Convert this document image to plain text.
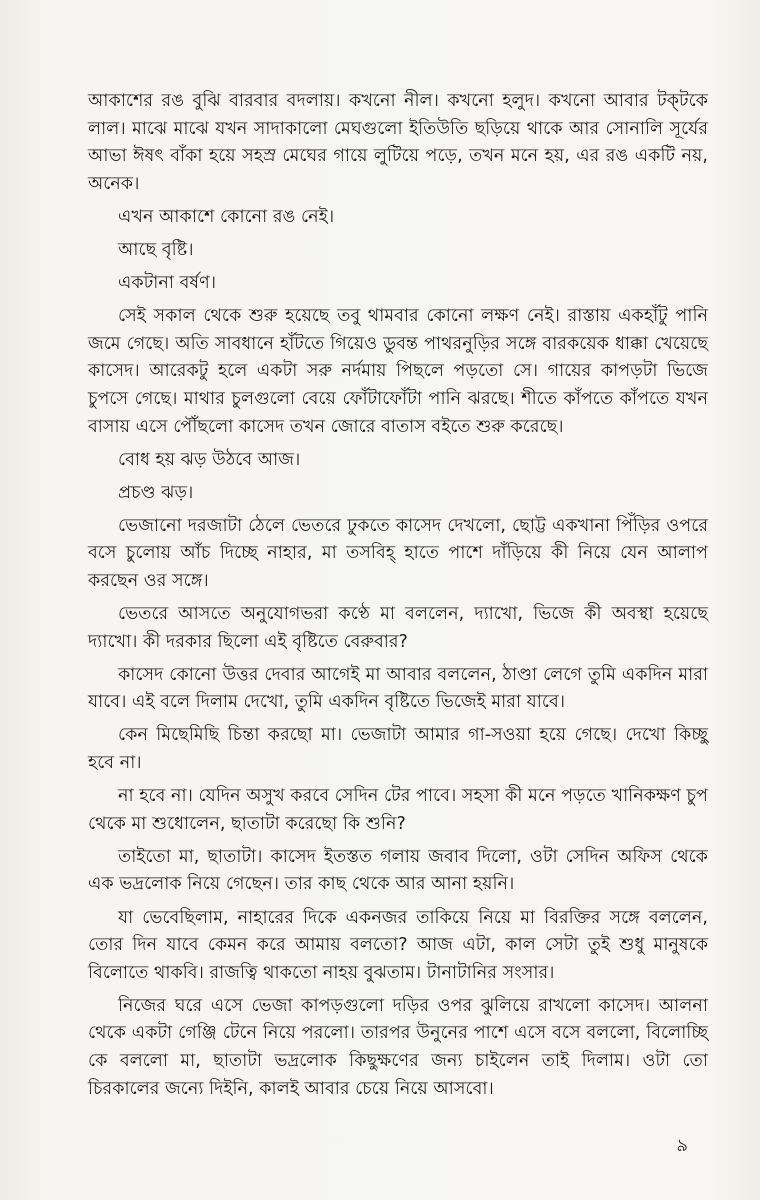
আকাশের রঙ বুঝি বারবার বদলায়। কখনো নীল। কখনো হলুদ। কখনো আবার টক্‌টকে লাল। মাঝে মাঝে যখন সাদাকালো মেঘগুলো ইতিউতি ছড়িয়ে থাকে আর সোনালি সূর্যের আভা ঈষৎ বাঁকা হয়ে সহস্র মেঘের গায়ে লুটিয়ে পড়ে, তখন মনে হয়, এর রঙ একটি নয়, অনেক।

এখন আকাশে কোনো রঙ নেই।

আছে বৃষ্টি।

একটানা বর্ষণ।

সেই সকাল থেকে শুরু হয়েছে তবু থামবার কোনো লক্ষণ নেই। রাস্তায় একহাঁটু পানি জমে গেছে। অতি সাবধানে হাঁটতে গিয়েও ডুবন্ত পাথরনুড়ির সঙ্গে বারকয়েক ধাক্কা খেয়েছে কাসেদ। আরেকটু হলে একটা সরু নর্দমায় পিছলে পড়তো সে। গায়ের কাপড়টা ভিজে চুপসে গেছে। মাথার চুলগুলো বেয়ে ফোঁটাফোঁটা পানি ঝরছে। শীতে কাঁপতে কাঁপতে যখন বাসায় এসে পৌঁছলো কাসেদ তখন জোরে বাতাস বইতে শুরু করেছে।

বোধ হয় ঝড় উঠবে আজ।

প্রচণ্ড ঝড়।

ভেজানো দরজাটা ঠেলে ভেতরে ঢুকতে কাসেদ দেখলো, ছোট্ট একখানা পিঁড়ির ওপরে বসে চুলোয় আঁচ দিচ্ছে নাহার, মা তসবিহ্ হাতে পাশে দাঁড়িয়ে কী নিয়ে যেন আলাপ করছেন ওর সঙ্গে।

ভেতরে আসতে অনুযোগভরা কণ্ঠে মা বললেন, দ্যাখো, ভিজে কী অবস্থা হয়েছে দ্যাখো। কী দরকার ছিলো এই বৃষ্টিতে বেরুবার?

কাসেদ কোনো উত্তর দেবার আগেই মা আবার বললেন, ঠাণ্ডা লেগে তুমি একদিন মারা যাবে। এই বলে দিলাম দেখো, তুমি একদিন বৃষ্টিতে ভিজেই মারা যাবে।

কেন মিছেমিছি চিন্তা করছো মা। ভেজাটা আমার গা-সওয়া হয়ে গেছে। দেখো কিচ্ছু হবে না।

না হবে না। যেদিন অসুখ করবে সেদিন টের পাবে। সহসা কী মনে পড়তে খানিকক্ষণ চুপ থেকে মা শুধোলেন, ছাতাটা করেছো কি শুনি?

তাইতো মা, ছাতাটা। কাসেদ ইতস্তত গলায় জবাব দিলো, ওটা সেদিন অফিস থেকে এক ভদ্রলোক নিয়ে গেছেন। তার কাছ থেকে আর আনা হয়নি।

যা ভেবেছিলাম, নাহারের দিকে একনজর তাকিয়ে নিয়ে মা বিরক্তির সঙ্গে বললেন, তোর দিন যাবে কেমন করে আমায় বলতো? আজ এটা, কাল সেটা তুই শুধু মানুষকে বিলোতে থাকবি। রাজত্বি থাকতো নাহয় বুঝতাম। টানাটানির সংসার।

নিজের ঘরে এসে ভেজা কাপড়গুলো দড়ির ওপর ঝুলিয়ে রাখলো কাসেদ। আলনা থেকে একটা গেঞ্জি টেনে নিয়ে পরলো। তারপর উনুনের পাশে এসে বসে বললো, বিলোচ্ছি কে বললো মা, ছাতাটা ভদ্রলোক কিছুক্ষণের জন্য চাইলেন তাই দিলাম। ওটা তো চিরকালের জন্যে দিইনি, কালই আবার চেয়ে নিয়ে আসবো।

৯
